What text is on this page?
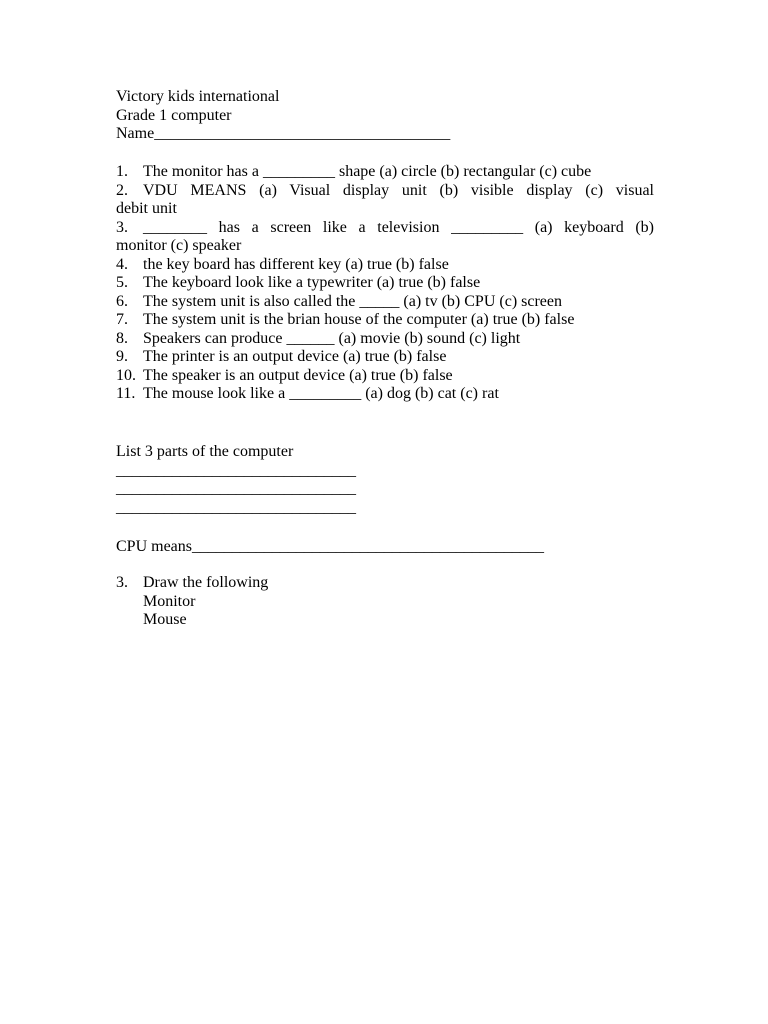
Victory kids international
Grade 1 computer
Name_____________________________________
1. The monitor has a _________ shape (a) circle (b) rectangular (c) cube
2. VDU MEANS (a) Visual display unit (b) visible display (c) visual
debit unit
3. ________ has a screen like a television _________ (a) keyboard (b)
monitor (c) speaker
4. the key board has different key (a) true (b) false
5. The keyboard look like a typewriter (a) true (b) false
6. The system unit is also called the _____ (a) tv (b) CPU (c) screen
7. The system unit is the brian house of the computer (a) true (b) false
8. Speakers can produce ______ (a) movie (b) sound (c) light
9. The printer is an output device (a) true (b) false
10. The speaker is an output device (a) true (b) false
11. The mouse look like a _________ (a) dog (b) cat (c) rat
List 3 parts of the computer
______________________________
______________________________
______________________________
CPU means____________________________________________
3. Draw the following
Monitor
Mouse
